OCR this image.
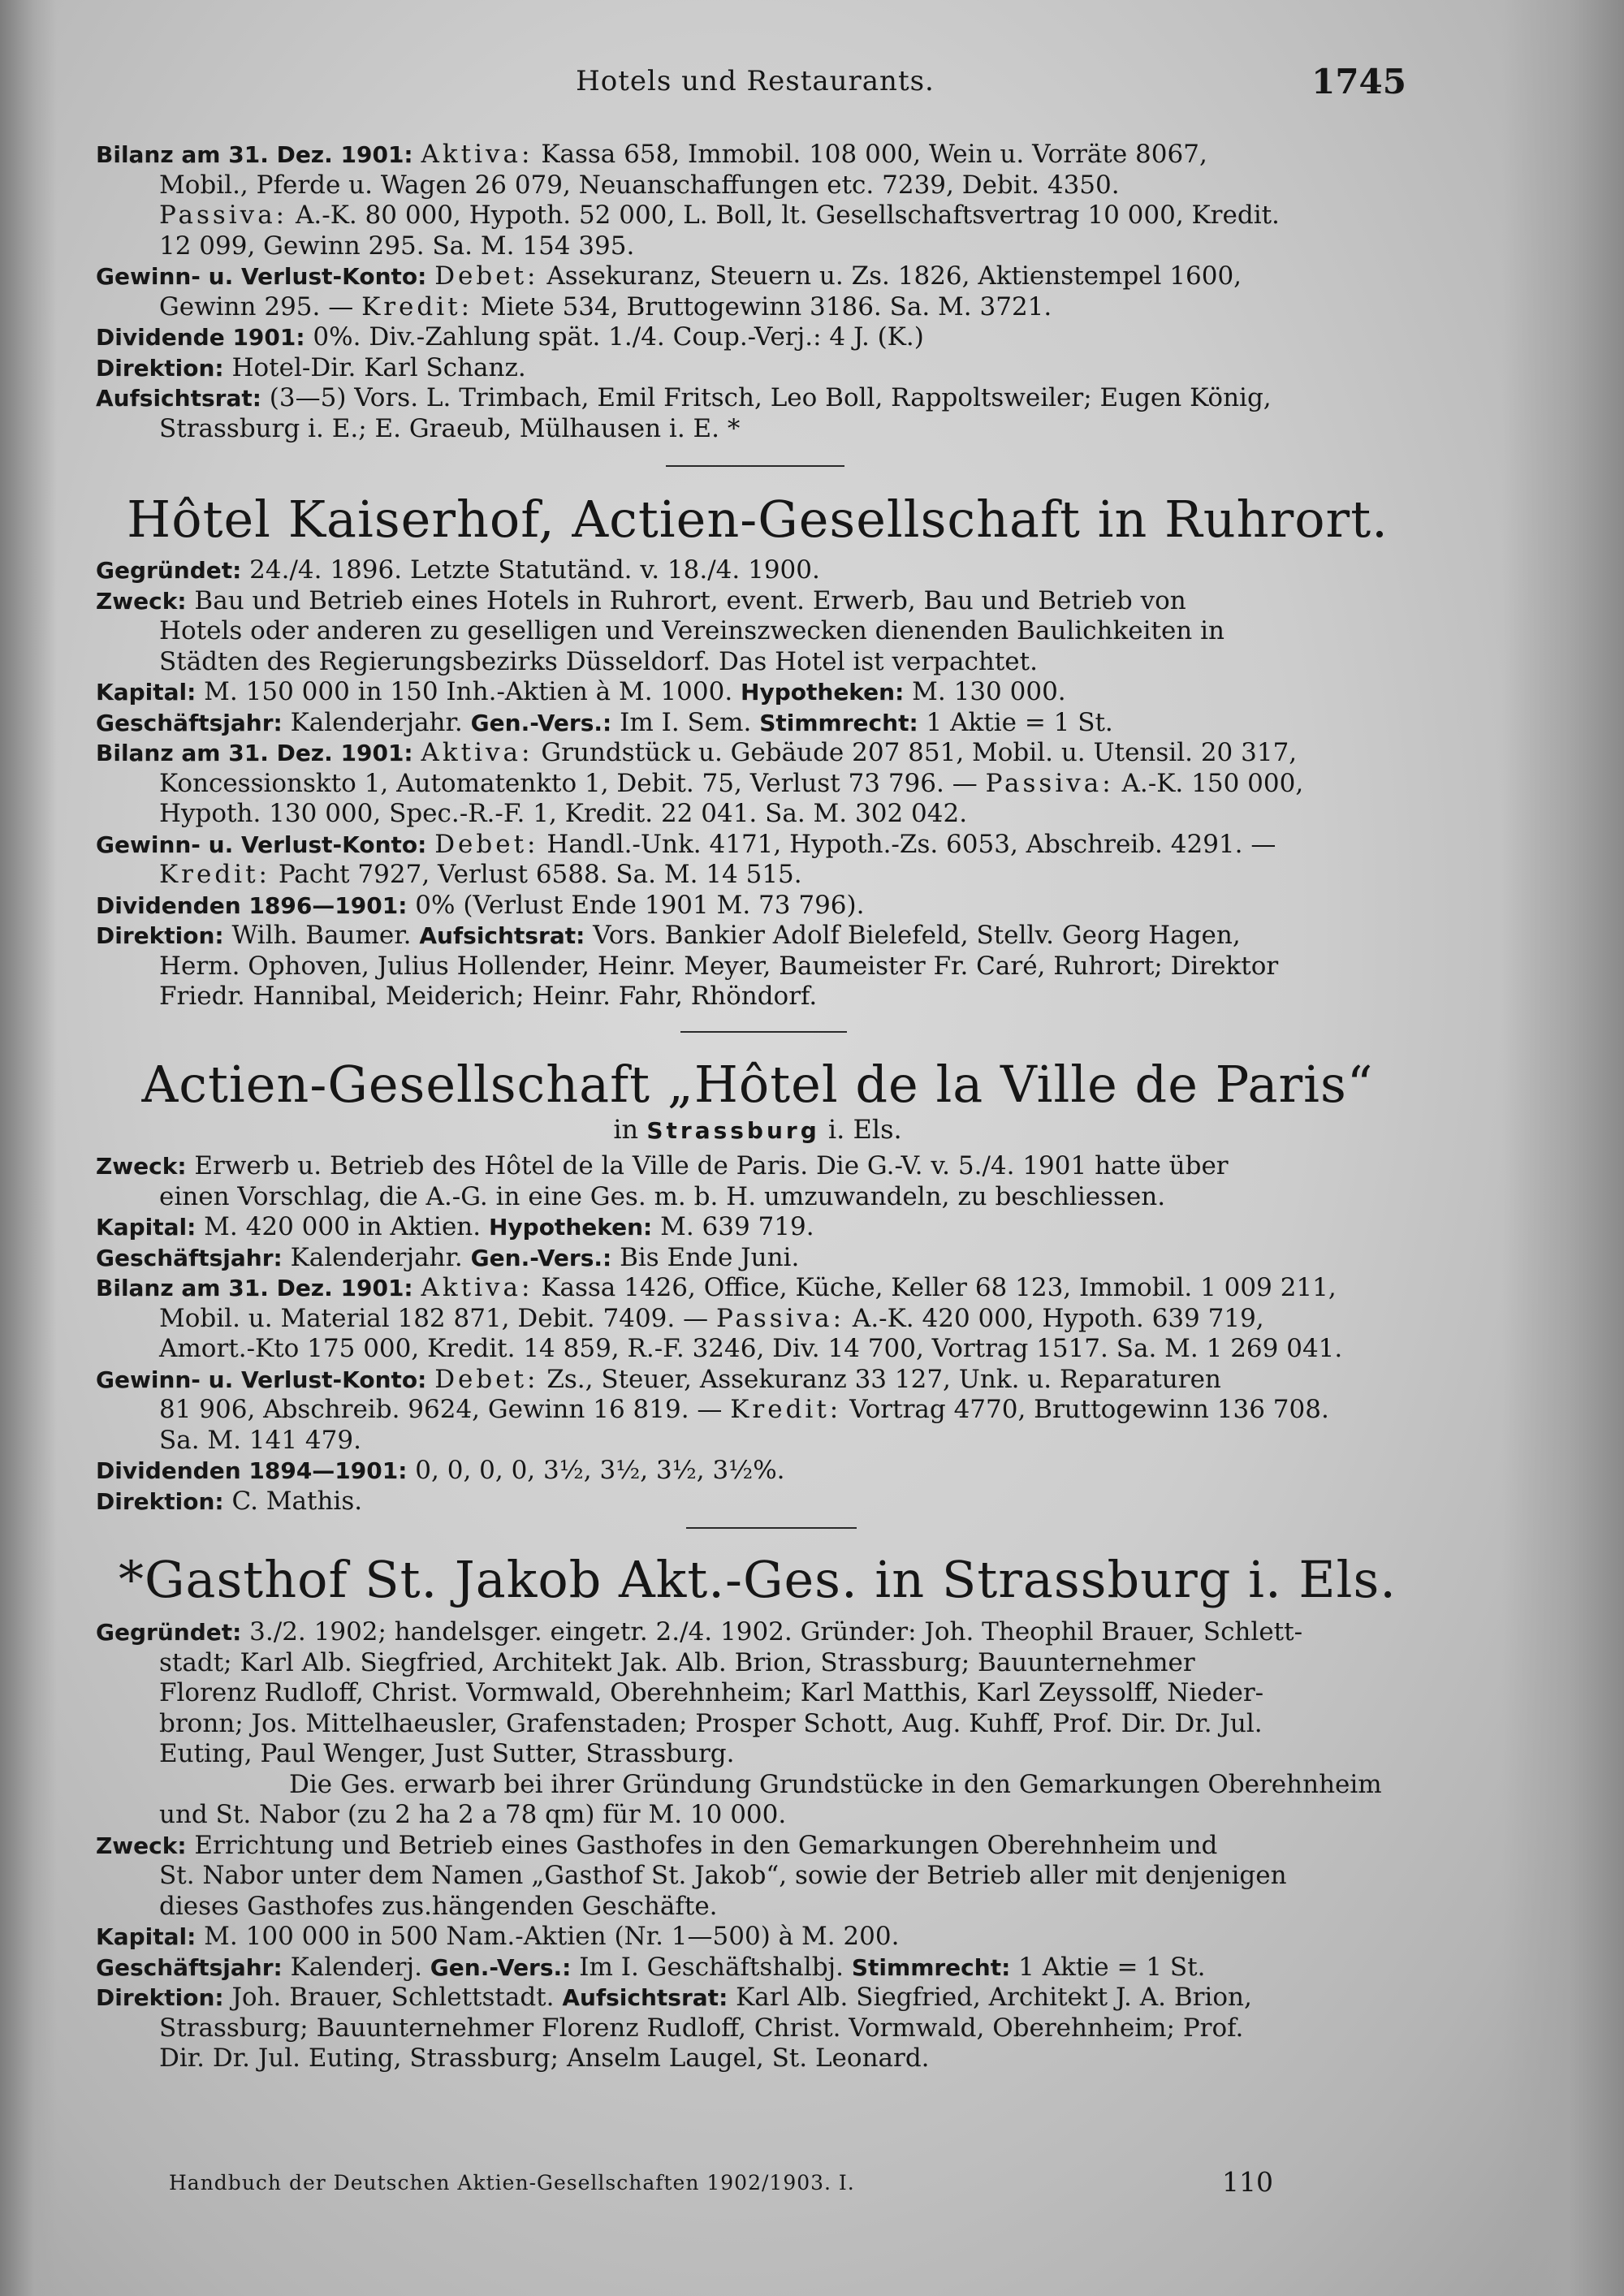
Hotels und Restaurants.	1745

Bilanz am 31. Dez. 1901: Aktiva: Kassa 658, Immobil. 108 000, Wein u. Vorräte 8067,

Mobil., Pferde u. Wagen 26 079, Neuanschaffungen etc. 7239, Debit. 4350.

Passiva: A.-K. 80 000, Hypoth. 52 000, L. Boll, lt. Gesellschaftsvertrag 10 000, Kredit.

12 099, Gewinn 295. Sa. M. 154 395.

Gewinn- u. Verlust-Konto: Debet: Assekuranz, Steuern u. Zs. 1826, Aktienstempel 1600,

Gewinn 295. — Kredit: Miete 534, Bruttogewinn 3186. Sa. M. 3721.

Dividende 1901: 0%. Div.-Zahlung spät. 1./4. Coup.-Verj.: 4 J. (K.)

Direktion: Hotel-Dir. Karl Schanz.

Aufsichtsrat: (3—5) Vors. L. Trimbach, Emil Fritsch, Leo Boll, Rappoltsweiler; Eugen König,

Strassburg i. E.; E. Graeub, Mülhausen i. E. *

Hôtel Kaiserhof, Actien-Gesellschaft in Ruhrort.

Gegründet: 24./4. 1896. Letzte Statutänd. v. 18./4. 1900.

Zweck: Bau und Betrieb eines Hotels in Ruhrort, event. Erwerb, Bau und Betrieb von

Hotels oder anderen zu geselligen und Vereinszwecken dienenden Baulichkeiten in

Städten des Regierungsbezirks Düsseldorf. Das Hotel ist verpachtet.

Kapital: M. 150 000 in 150 Inh.-Aktien à M. 1000. Hypotheken: M. 130 000.

Geschäftsjahr: Kalenderjahr. Gen.-Vers.: Im I. Sem. Stimmrecht: 1 Aktie = 1 St.

Bilanz am 31. Dez. 1901: Aktiva: Grundstück u. Gebäude 207 851, Mobil. u. Utensil. 20 317,

Koncessionskto 1, Automatenkto 1, Debit. 75, Verlust 73 796. — Passiva: A.-K. 150 000,

Hypoth. 130 000, Spec.-R.-F. 1, Kredit. 22 041. Sa. M. 302 042.

Gewinn- u. Verlust-Konto: Debet: Handl.-Unk. 4171, Hypoth.-Zs. 6053, Abschreib. 4291. —

Kredit: Pacht 7927, Verlust 6588. Sa. M. 14 515.

Dividenden 1896—1901: 0% (Verlust Ende 1901 M. 73 796).

Direktion: Wilh. Baumer. Aufsichtsrat: Vors. Bankier Adolf Bielefeld, Stellv. Georg Hagen,

Herm. Ophoven, Julius Hollender, Heinr. Meyer, Baumeister Fr. Caré, Ruhrort; Direktor

Friedr. Hannibal, Meiderich; Heinr. Fahr, Rhöndorf.

Actien-Gesellschaft „Hôtel de la Ville de Paris“

in Strassburg i. Els.

Zweck: Erwerb u. Betrieb des Hôtel de la Ville de Paris. Die G.-V. v. 5./4. 1901 hatte über

einen Vorschlag, die A.-G. in eine Ges. m. b. H. umzuwandeln, zu beschliessen.

Kapital: M. 420 000 in Aktien. Hypotheken: M. 639 719.

Geschäftsjahr: Kalenderjahr. Gen.-Vers.: Bis Ende Juni.

Bilanz am 31. Dez. 1901: Aktiva: Kassa 1426, Office, Küche, Keller 68 123, Immobil. 1 009 211,

Mobil. u. Material 182 871, Debit. 7409. — Passiva: A.-K. 420 000, Hypoth. 639 719,

Amort.-Kto 175 000, Kredit. 14 859, R.-F. 3246, Div. 14 700, Vortrag 1517. Sa. M. 1 269 041.

Gewinn- u. Verlust-Konto: Debet: Zs., Steuer, Assekuranz 33 127, Unk. u. Reparaturen

81 906, Abschreib. 9624, Gewinn 16 819. — Kredit: Vortrag 4770, Bruttogewinn 136 708.

Sa. M. 141 479.

Dividenden 1894—1901: 0, 0, 0, 0, 3½, 3½, 3½, 3½%.

Direktion: C. Mathis.

*Gasthof St. Jakob Akt.-Ges. in Strassburg i. Els.

Gegründet: 3./2. 1902; handelsger. eingetr. 2./4. 1902. Gründer: Joh. Theophil Brauer, Schlett-

stadt; Karl Alb. Siegfried, Architekt Jak. Alb. Brion, Strassburg; Bauunternehmer

Florenz Rudloff, Christ. Vormwald, Oberehnheim; Karl Matthis, Karl Zeyssolff, Nieder-

bronn; Jos. Mittelhaeusler, Grafenstaden; Prosper Schott, Aug. Kuhff, Prof. Dir. Dr. Jul.

Euting, Paul Wenger, Just Sutter, Strassburg.

Die Ges. erwarb bei ihrer Gründung Grundstücke in den Gemarkungen Oberehnheim

und St. Nabor (zu 2 ha 2 a 78 qm) für M. 10 000.

Zweck: Errichtung und Betrieb eines Gasthofes in den Gemarkungen Oberehnheim und

St. Nabor unter dem Namen „Gasthof St. Jakob“, sowie der Betrieb aller mit denjenigen

dieses Gasthofes zus.hängenden Geschäfte.

Kapital: M. 100 000 in 500 Nam.-Aktien (Nr. 1—500) à M. 200.

Geschäftsjahr: Kalenderj. Gen.-Vers.: Im I. Geschäftshalbj. Stimmrecht: 1 Aktie = 1 St.

Direktion: Joh. Brauer, Schlettstadt. Aufsichtsrat: Karl Alb. Siegfried, Architekt J. A. Brion,

Strassburg; Bauunternehmer Florenz Rudloff, Christ. Vormwald, Oberehnheim; Prof.

Dir. Dr. Jul. Euting, Strassburg; Anselm Laugel, St. Leonard.

Handbuch der Deutschen Aktien-Gesellschaften 1902/1903. I.	110
